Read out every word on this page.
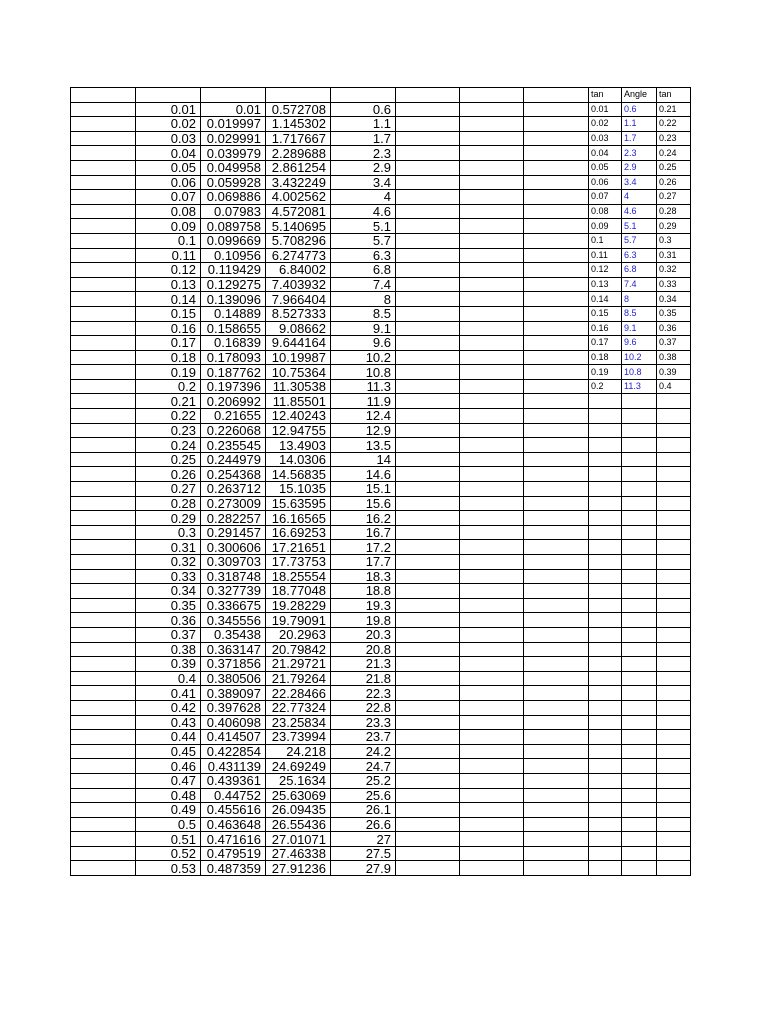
								tan	Angle	tan
	0.01	0.01	0.572708	0.6				0.01	0.6	0.21
	0.02	0.019997	1.145302	1.1				0.02	1.1	0.22
	0.03	0.029991	1.717667	1.7				0.03	1.7	0.23
	0.04	0.039979	2.289688	2.3				0.04	2.3	0.24
	0.05	0.049958	2.861254	2.9				0.05	2.9	0.25
	0.06	0.059928	3.432249	3.4				0.06	3.4	0.26
	0.07	0.069886	4.002562	4				0.07	4	0.27
	0.08	0.07983	4.572081	4.6				0.08	4.6	0.28
	0.09	0.089758	5.140695	5.1				0.09	5.1	0.29
	0.1	0.099669	5.708296	5.7				0.1	5.7	0.3
	0.11	0.10956	6.274773	6.3				0.11	6.3	0.31
	0.12	0.119429	6.84002	6.8				0.12	6.8	0.32
	0.13	0.129275	7.403932	7.4				0.13	7.4	0.33
	0.14	0.139096	7.966404	8				0.14	8	0.34
	0.15	0.14889	8.527333	8.5				0.15	8.5	0.35
	0.16	0.158655	9.08662	9.1				0.16	9.1	0.36
	0.17	0.16839	9.644164	9.6				0.17	9.6	0.37
	0.18	0.178093	10.19987	10.2				0.18	10.2	0.38
	0.19	0.187762	10.75364	10.8				0.19	10.8	0.39
	0.2	0.197396	11.30538	11.3				0.2	11.3	0.4
	0.21	0.206992	11.85501	11.9						
	0.22	0.21655	12.40243	12.4						
	0.23	0.226068	12.94755	12.9						
	0.24	0.235545	13.4903	13.5						
	0.25	0.244979	14.0306	14						
	0.26	0.254368	14.56835	14.6						
	0.27	0.263712	15.1035	15.1						
	0.28	0.273009	15.63595	15.6						
	0.29	0.282257	16.16565	16.2						
	0.3	0.291457	16.69253	16.7						
	0.31	0.300606	17.21651	17.2						
	0.32	0.309703	17.73753	17.7						
	0.33	0.318748	18.25554	18.3						
	0.34	0.327739	18.77048	18.8						
	0.35	0.336675	19.28229	19.3						
	0.36	0.345556	19.79091	19.8						
	0.37	0.35438	20.2963	20.3						
	0.38	0.363147	20.79842	20.8						
	0.39	0.371856	21.29721	21.3						
	0.4	0.380506	21.79264	21.8						
	0.41	0.389097	22.28466	22.3						
	0.42	0.397628	22.77324	22.8						
	0.43	0.406098	23.25834	23.3						
	0.44	0.414507	23.73994	23.7						
	0.45	0.422854	24.218	24.2						
	0.46	0.431139	24.69249	24.7						
	0.47	0.439361	25.1634	25.2						
	0.48	0.44752	25.63069	25.6						
	0.49	0.455616	26.09435	26.1						
	0.5	0.463648	26.55436	26.6						
	0.51	0.471616	27.01071	27						
	0.52	0.479519	27.46338	27.5						
	0.53	0.487359	27.91236	27.9						
